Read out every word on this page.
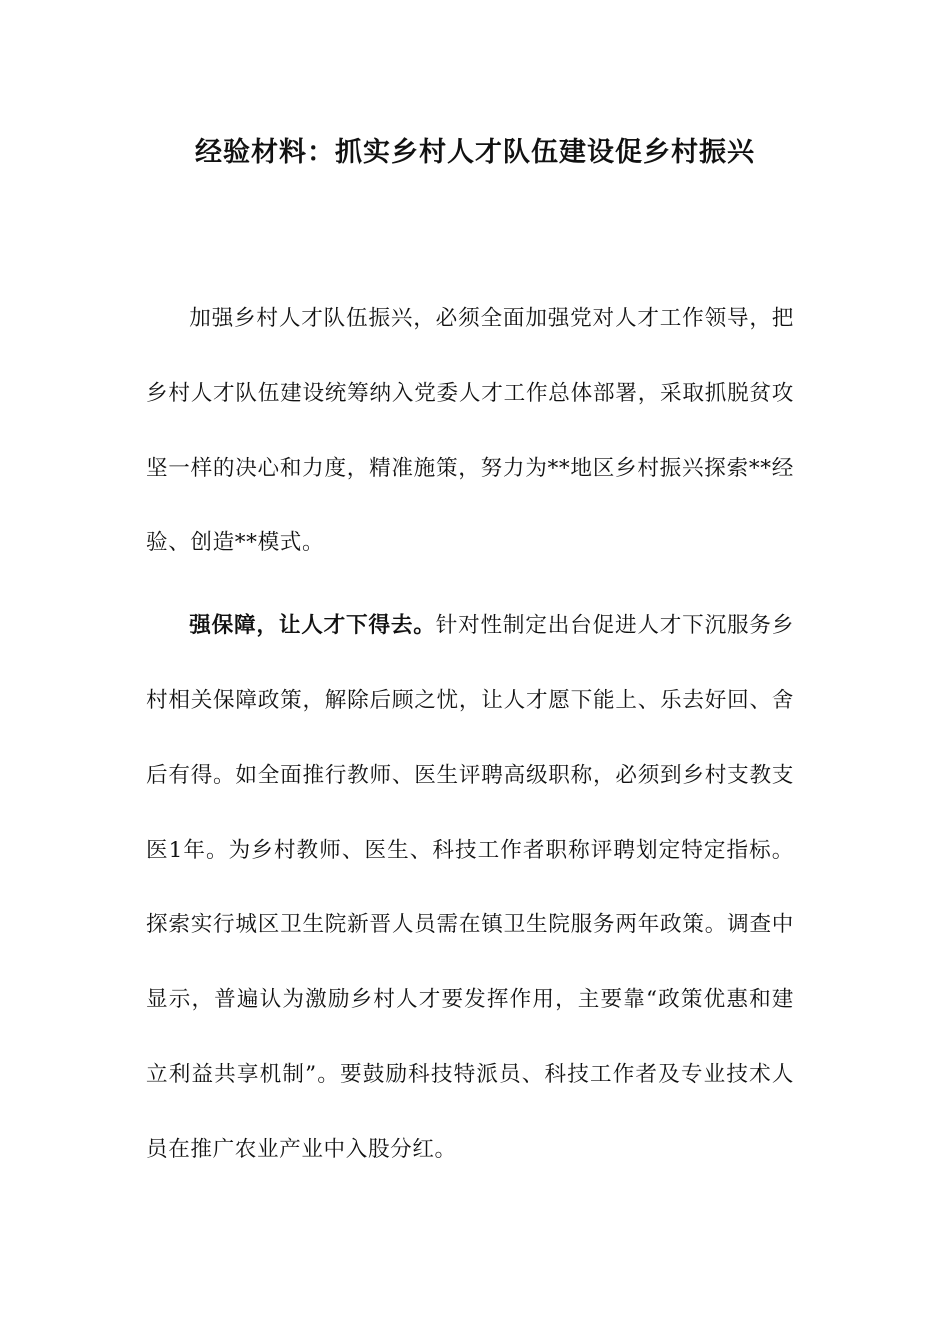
经验材料：抓实乡村人才队伍建设促乡村振兴

加强乡村人才队伍振兴，必须全面加强党对人才工作领导，把乡村人才队伍建设统筹纳入党委人才工作总体部署，采取抓脱贫攻坚一样的决心和力度，精准施策，努力为**地区乡村振兴探索**经验、创造**模式。

强保障，让人才下得去。针对性制定出台促进人才下沉服务乡村相关保障政策，解除后顾之忧，让人才愿下能上、乐去好回、舍后有得。如全面推行教师、医生评聘高级职称，必须到乡村支教支医1年。为乡村教师、医生、科技工作者职称评聘划定特定指标。探索实行城区卫生院新晋人员需在镇卫生院服务两年政策。调查中显示，普遍认为激励乡村人才要发挥作用，主要靠“政策优惠和建立利益共享机制”。要鼓励科技特派员、科技工作者及专业技术人员在推广农业产业中入股分红。
